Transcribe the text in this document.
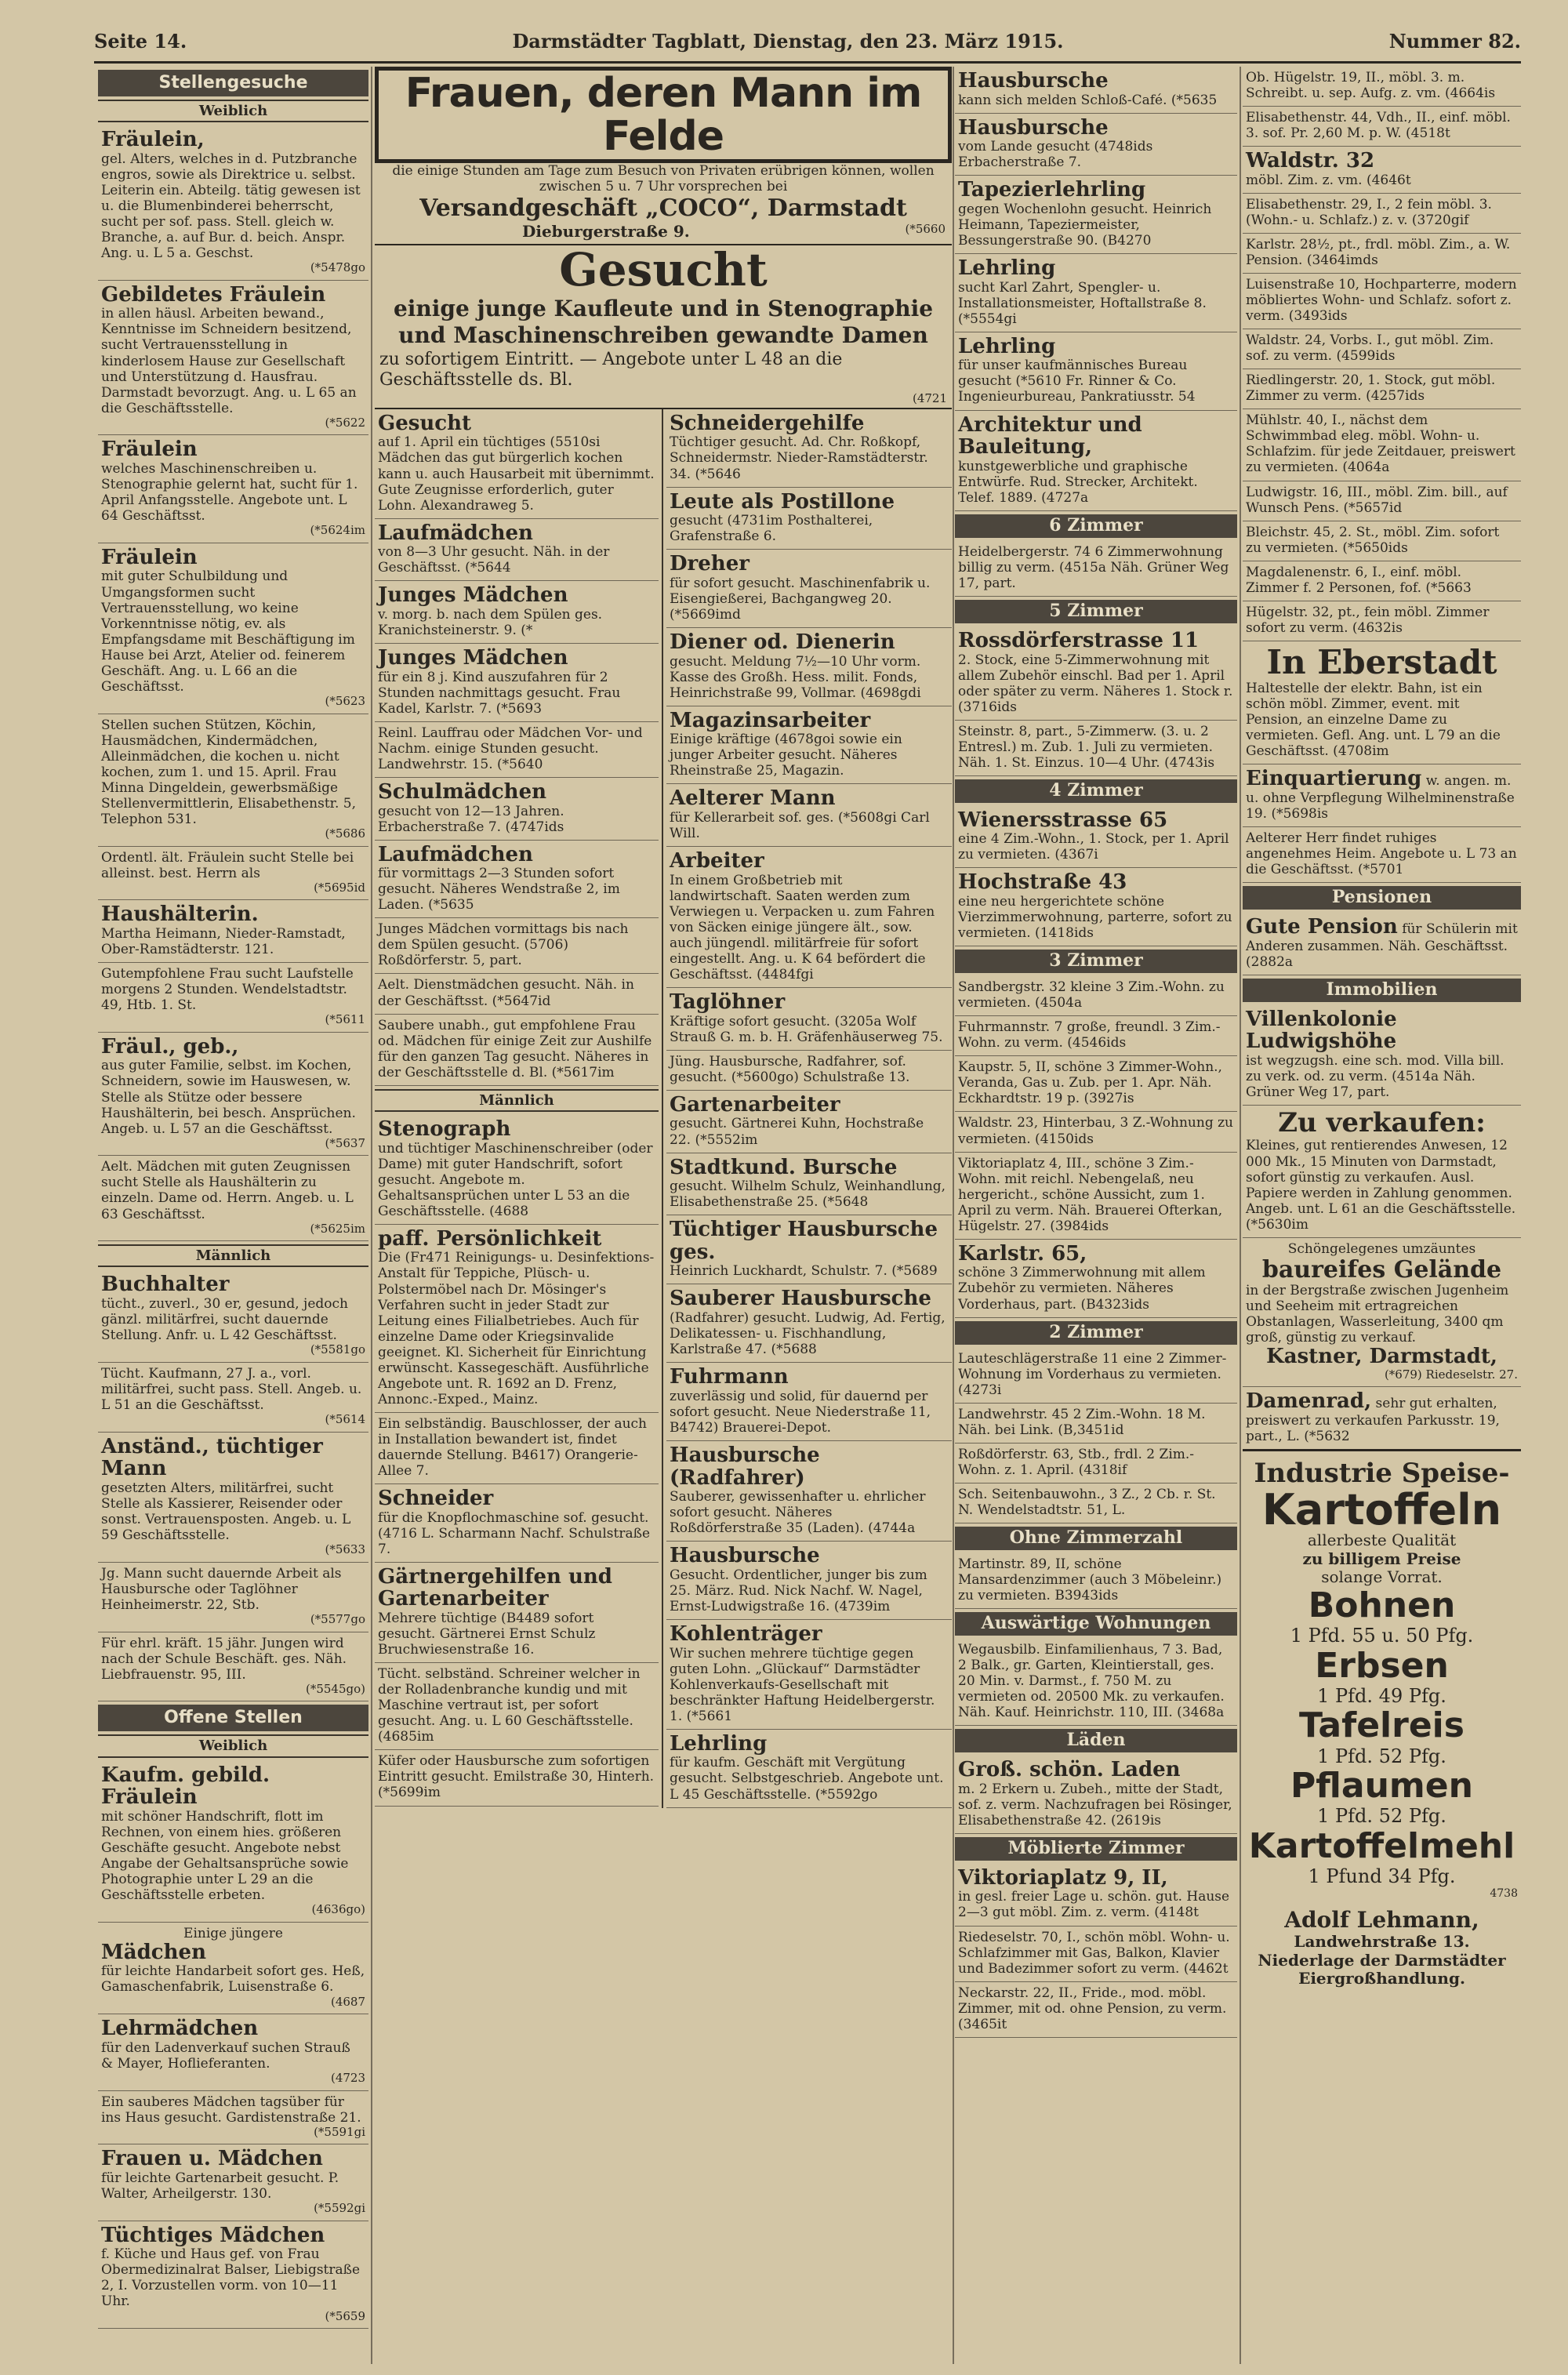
Seite 14.	Darmstädter Tagblatt, Dienstag, den 23. März 1915.	Nummer 82.
Stellengesuche
Weiblich
Fräulein,
gel. Alters, welches in d. Putzbranche engros, sowie als Direktrice u. selbst. Leiterin ein. Abteilg. tätig gewesen ist u. die Blumenbinderei beherrscht, sucht per sof. pass. Stell. gleich w. Branche, a. auf Bur. d. beich. Anspr. Ang. u. L 5 a. Geschst.
(*5478go
Gebildetes Fräulein
in allen häusl. Arbeiten bewand., Kenntnisse im Schneidern besitzend, sucht Vertrauensstellung in kinderlosem Hause zur Gesellschaft und Unterstützung d. Hausfrau. Darmstadt bevorzugt. Ang. u. L 65 an die Geschäftsstelle.
(*5622
Fräulein
welches Maschinenschreiben u. Stenographie gelernt hat, sucht für 1. April Anfangsstelle. Angebote unt. L 64 Geschäftsst.
(*5624im
Fräulein
mit guter Schulbildung und Umgangsformen sucht Vertrauensstellung, wo keine Vorkenntnisse nötig, ev. als Empfangsdame mit Beschäftigung im Hause bei Arzt, Atelier od. feinerem Geschäft. Ang. u. L 66 an die Geschäftsst.
(*5623
Stellen suchen Stützen, Köchin, Hausmädchen, Kindermädchen, Alleinmädchen, die kochen u. nicht kochen, zum 1. und 15. April. Frau Minna Dingeldein, gewerbsmäßige Stellenvermittlerin, Elisabethenstr. 5, Telephon 531.
(*5686
Ordentl. ält. Fräulein sucht Stelle bei alleinst. best. Herrn als
(*5695id
Haushälterin.
Martha Heimann, Nieder-Ramstadt, Ober-Ramstädterstr. 121.
Gutempfohlene Frau sucht Laufstelle morgens 2 Stunden. Wendelstadtstr. 49, Htb. 1. St.
(*5611
Fräul., geb.,
aus guter Familie, selbst. im Kochen, Schneidern, sowie im Hauswesen, w. Stelle als Stütze oder bessere Haushälterin, bei besch. Ansprüchen. Angeb. u. L 57 an die Geschäftsst.
(*5637
Aelt. Mädchen mit guten Zeugnissen sucht Stelle als Haushälterin zu einzeln. Dame od. Herrn. Angeb. u. L 63 Geschäftsst.
(*5625im
Männlich
Buchhalter
tücht., zuverl., 30 er, gesund, jedoch gänzl. militärfrei, sucht dauernde Stellung. Anfr. u. L 42 Geschäftsst.
(*5581go
Tücht. Kaufmann, 27 J. a., vorl. militärfrei, sucht pass. Stell. Angeb. u. L 51 an die Geschäftsst.
(*5614
Anständ., tüchtiger Mann
gesetzten Alters, militärfrei, sucht Stelle als Kassierer, Reisender oder sonst. Vertrauensposten. Angeb. u. L 59 Geschäftsstelle.
(*5633
Jg. Mann sucht dauernde Arbeit als Hausbursche oder Taglöhner Heinheimerstr. 22, Stb.
(*5577go
Für ehrl. kräft. 15 jähr. Jungen wird nach der Schule Beschäft. ges. Näh. Liebfrauenstr. 95, III.
(*5545go)
Offene Stellen
Weiblich
Kaufm. gebild. Fräulein
mit schöner Handschrift, flott im Rechnen, von einem hies. größeren Geschäfte gesucht. Angebote nebst Angabe der Gehaltsansprüche sowie Photographie unter L 29 an die Geschäftsstelle erbeten.
(4636go)
Einige jüngere
Mädchen
für leichte Handarbeit sofort ges. Heß, Gamaschenfabrik, Luisenstraße 6.
(4687
Lehrmädchen
für den Ladenverkauf suchen Strauß & Mayer, Hoflieferanten.
(4723
Ein sauberes Mädchen tagsüber für ins Haus gesucht. Gardistenstraße 21.
(*5591gi
Frauen u. Mädchen
für leichte Gartenarbeit gesucht. P. Walter, Arheilgerstr. 130.
(*5592gi
Tüchtiges Mädchen
f. Küche und Haus gef. von Frau Obermedizinalrat Balser, Liebigstraße 2, I. Vorzustellen vorm. von 10—11 Uhr.
(*5659
Frauen, deren Mann im Felde
die einige Stunden am Tage zum Besuch von Privaten erübrigen können, wollen zwischen 5 u. 7 Uhr vorsprechen bei
Versandgeschäft „COCO“, Darmstadt
Dieburgerstraße 9.	(*5660
Gesucht
einige junge Kaufleute und in Stenographie und Maschinenschreiben gewandte Damen
zu sofortigem Eintritt. — Angebote unter L 48 an die Geschäftsstelle ds. Bl.
(4721
Gesucht
auf 1. April ein tüchtiges (5510si Mädchen das gut bürgerlich kochen kann u. auch Hausarbeit mit übernimmt. Gute Zeugnisse erforderlich, guter Lohn. Alexandraweg 5.
Laufmädchen
von 8—3 Uhr gesucht. Näh. in der Geschäftsst. (*5644
Junges Mädchen
v. morg. b. nach dem Spülen ges. Kranichsteinerstr. 9. (*
Junges Mädchen
für ein 8 j. Kind auszufahren für 2 Stunden nachmittags gesucht. Frau Kadel, Karlstr. 7. (*5693
Reinl. Lauffrau oder Mädchen Vor- und Nachm. einige Stunden gesucht. Landwehrstr. 15. (*5640
Schulmädchen
gesucht von 12—13 Jahren. Erbacherstraße 7. (4747ids
Laufmädchen
für vormittags 2—3 Stunden sofort gesucht. Näheres Wendstraße 2, im Laden. (*5635
Junges Mädchen vormittags bis nach dem Spülen gesucht. (5706) Roßdörferstr. 5, part.
Aelt. Dienstmädchen gesucht. Näh. in der Geschäftsst. (*5647id
Saubere unabh., gut empfohlene Frau od. Mädchen für einige Zeit zur Aushilfe für den ganzen Tag gesucht. Näheres in der Geschäftsstelle d. Bl. (*5617im
Männlich
Stenograph
und tüchtiger Maschinenschreiber (oder Dame) mit guter Handschrift, sofort gesucht. Angebote m. Gehaltsansprüchen unter L 53 an die Geschäftsstelle. (4688
paff. Persönlichkeit
Die (Fr471 Reinigungs- u. Desinfektions-Anstalt für Teppiche, Plüsch- u. Polstermöbel nach Dr. Mösinger's Verfahren sucht in jeder Stadt zur Leitung eines Filialbetriebes. Auch für einzelne Dame oder Kriegsinvalide geeignet. Kl. Sicherheit für Einrichtung erwünscht. Kassegeschäft. Ausführliche Angebote unt. R. 1692 an D. Frenz, Annonc.-Exped., Mainz.
Ein selbständig. Bauschlosser, der auch in Installation bewandert ist, findet dauernde Stellung. B4617) Orangerie-Allee 7.
Schneider
für die Knopflochmaschine sof. gesucht. (4716 L. Scharmann Nachf. Schulstraße 7.
Gärtnergehilfen und Gartenarbeiter
Mehrere tüchtige (B4489 sofort gesucht. Gärtnerei Ernst Schulz Bruchwiesenstraße 16.
Tücht. selbständ. Schreiner welcher in der Rolladenbranche kundig und mit Maschine vertraut ist, per sofort gesucht. Ang. u. L 60 Geschäftsstelle. (4685im
Küfer oder Hausbursche zum sofortigen Eintritt gesucht. Emilstraße 30, Hinterh. (*5699im
Schneidergehilfe
Tüchtiger gesucht. Ad. Chr. Roßkopf, Schneidermstr. Nieder-Ramstädterstr. 34. (*5646
Leute als Postillone
gesucht (4731im Posthalterei, Grafenstraße 6.
Dreher
für sofort gesucht. Maschinenfabrik u. Eisengießerei, Bachgangweg 20. (*5669imd
Diener od. Dienerin
gesucht. Meldung 7½—10 Uhr vorm. Kasse des Großh. Hess. milit. Fonds, Heinrichstraße 99, Vollmar. (4698gdi
Magazinsarbeiter
Einige kräftige (4678goi sowie ein junger Arbeiter gesucht. Näheres Rheinstraße 25, Magazin.
Aelterer Mann
für Kellerarbeit sof. ges. (*5608gi Carl Will.
Arbeiter
In einem Großbetrieb mit landwirtschaft. Saaten werden zum Verwiegen u. Verpacken u. zum Fahren von Säcken einige jüngere ält., sow. auch jüngendl. militärfreie für sofort eingestellt. Ang. u. K 64 befördert die Geschäftsst. (4484fgi
Taglöhner
Kräftige sofort gesucht. (3205a Wolf Strauß G. m. b. H. Gräfenhäuserweg 75.
Jüng. Hausbursche, Radfahrer, sof. gesucht. (*5600go) Schulstraße 13.
Gartenarbeiter
gesucht. Gärtnerei Kuhn, Hochstraße 22. (*5552im
Stadtkund. Bursche
gesucht. Wilhelm Schulz, Weinhandlung, Elisabethenstraße 25. (*5648
Tüchtiger Hausbursche ges.
Heinrich Luckhardt, Schulstr. 7. (*5689
Sauberer Hausbursche
(Radfahrer) gesucht. Ludwig, Ad. Fertig, Delikatessen- u. Fischhandlung, Karlstraße 47. (*5688
Fuhrmann
zuverlässig und solid, für dauernd per sofort gesucht. Neue Niederstraße 11, B4742) Brauerei-Depot.
Hausbursche (Radfahrer)
Sauberer, gewissenhafter u. ehrlicher sofort gesucht. Näheres Roßdörferstraße 35 (Laden). (4744a
Hausbursche
Gesucht. Ordentlicher, junger bis zum 25. März. Rud. Nick Nachf. W. Nagel, Ernst-Ludwigstraße 16. (4739im
Kohlenträger
Wir suchen mehrere tüchtige gegen guten Lohn. „Glückauf“ Darmstädter Kohlenverkaufs-Gesellschaft mit beschränkter Haftung Heidelbergerstr. 1. (*5661
Lehrling
für kaufm. Geschäft mit Vergütung gesucht. Selbstgeschrieb. Angebote unt. L 45 Geschäftsstelle. (*5592go
Hausbursche
kann sich melden Schloß-Café. (*5635
Hausbursche
vom Lande gesucht (4748ids Erbacherstraße 7.
Tapezierlehrling
gegen Wochenlohn gesucht. Heinrich Heimann, Tapeziermeister, Bessungerstraße 90. (B4270
Lehrling
sucht Karl Zahrt, Spengler- u. Installationsmeister, Hoftallstraße 8. (*5554gi
Lehrling
für unser kaufmännisches Bureau gesucht (*5610 Fr. Rinner & Co. Ingenieurbureau, Pankratiusstr. 54
Architektur und Bauleitung,
kunstgewerbliche und graphische Entwürfe. Rud. Strecker, Architekt. Telef. 1889. (4727a
6 Zimmer
Heidelbergerstr. 74 6 Zimmerwohnung billig zu verm. (4515a Näh. Grüner Weg 17, part.
5 Zimmer
Rossdörferstrasse 11
2. Stock, eine 5-Zimmerwohnung mit allem Zubehör einschl. Bad per 1. April oder später zu verm. Näheres 1. Stock r. (3716ids
Steinstr. 8, part., 5-Zimmerw. (3. u. 2 Entresl.) m. Zub. 1. Juli zu vermieten. Näh. 1. St. Einzus. 10—4 Uhr. (4743is
4 Zimmer
Wienersstrasse 65
eine 4 Zim.-Wohn., 1. Stock, per 1. April zu vermieten. (4367i
Hochstraße 43
eine neu hergerichtete schöne Vierzimmerwohnung, parterre, sofort zu vermieten. (1418ids
3 Zimmer
Sandbergstr. 32 kleine 3 Zim.-Wohn. zu vermieten. (4504a
Fuhrmannstr. 7 große, freundl. 3 Zim.-Wohn. zu verm. (4546ids
Kaupstr. 5, II, schöne 3 Zimmer-Wohn., Veranda, Gas u. Zub. per 1. Apr. Näh. Eckhardtstr. 19 p. (3927is
Waldstr. 23, Hinterbau, 3 Z.-Wohnung zu vermieten. (4150ids
Viktoriaplatz 4, III., schöne 3 Zim.-Wohn. mit reichl. Nebengelaß, neu hergericht., schöne Aussicht, zum 1. April zu verm. Näh. Brauerei Ofterkan, Hügelstr. 27. (3984ids
Karlstr. 65,
schöne 3 Zimmerwohnung mit allem Zubehör zu vermieten. Näheres Vorderhaus, part. (B4323ids
2 Zimmer
Lauteschlägerstraße 11 eine 2 Zimmer-Wohnung im Vorderhaus zu vermieten. (4273i
Landwehrstr. 45 2 Zim.-Wohn. 18 M. Näh. bei Link. (B,3451id
Roßdörferstr. 63, Stb., frdl. 2 Zim.-Wohn. z. 1. April. (4318if
Sch. Seitenbauwohn., 3 Z., 2 Cb. r. St. N. Wendelstadtstr. 51, L.
Ohne Zimmerzahl
Martinstr. 89, II, schöne Mansardenzimmer (auch 3 Möbeleinr.) zu vermieten. B3943ids
Auswärtige Wohnungen
Wegausbilb. Einfamilienhaus, 7 3. Bad, 2 Balk., gr. Garten, Kleintierstall, ges. 20 Min. v. Darmst., f. 750 M. zu vermieten od. 20500 Mk. zu verkaufen. Näh. Kauf. Heinrichstr. 110, III. (3468a
Läden
Groß. schön. Laden
m. 2 Erkern u. Zubeh., mitte der Stadt, sof. z. verm. Nachzufragen bei Rösinger, Elisabethenstraße 42. (2619is
Möblierte Zimmer
Viktoriaplatz 9, II,
in gesl. freier Lage u. schön. gut. Hause 2—3 gut möbl. Zim. z. verm. (4148t
Riedeselstr. 70, I., schön möbl. Wohn- u. Schlafzimmer mit Gas, Balkon, Klavier und Badezimmer sofort zu verm. (4462t
Neckarstr. 22, II., Fride., mod. möbl. Zimmer, mit od. ohne Pension, zu verm. (3465it
Ob. Hügelstr. 19, II., möbl. 3. m. Schreibt. u. sep. Aufg. z. vm. (4664is
Elisabethenstr. 44, Vdh., II., einf. möbl. 3. sof. Pr. 2,60 M. p. W. (4518t
Waldstr. 32
möbl. Zim. z. vm. (4646t
Elisabethenstr. 29, I., 2 fein möbl. 3. (Wohn.- u. Schlafz.) z. v. (3720gif
Karlstr. 28½, pt., frdl. möbl. Zim., a. W. Pension. (3464imds
Luisenstraße 10, Hochparterre, modern möbliertes Wohn- und Schlafz. sofort z. verm. (3493ids
Waldstr. 24, Vorbs. I., gut möbl. Zim. sof. zu verm. (4599ids
Riedlingerstr. 20, 1. Stock, gut möbl. Zimmer zu verm. (4257ids
Mühlstr. 40, I., nächst dem Schwimmbad eleg. möbl. Wohn- u. Schlafzim. für jede Zeitdauer, preiswert zu vermieten. (4064a
Ludwigstr. 16, III., möbl. Zim. bill., auf Wunsch Pens. (*5657id
Bleichstr. 45, 2. St., möbl. Zim. sofort zu vermieten. (*5650ids
Magdalenenstr. 6, I., einf. möbl. Zimmer f. 2 Personen, fof. (*5663
Hügelstr. 32, pt., fein möbl. Zimmer sofort zu verm. (4632is
In Eberstadt
Haltestelle der elektr. Bahn, ist ein schön möbl. Zimmer, event. mit Pension, an einzelne Dame zu vermieten. Gefl. Ang. unt. L 79 an die Geschäftsst. (4708im
Einquartierung w. angen. m. u. ohne Verpflegung Wilhelminenstraße 19. (*5698is
Aelterer Herr findet ruhiges angenehmes Heim. Angebote u. L 73 an die Geschäftsst. (*5701
Pensionen
Gute Pension für Schülerin mit Anderen zusammen. Näh. Geschäftsst. (2882a
Immobilien
Villenkolonie Ludwigshöhe
ist wegzugsh. eine sch. mod. Villa bill. zu verk. od. zu verm. (4514a Näh. Grüner Weg 17, part.
Zu verkaufen:
Kleines, gut rentierendes Anwesen, 12 000 Mk., 15 Minuten von Darmstadt, sofort günstig zu verkaufen. Ausl. Papiere werden in Zahlung genommen. Angeb. unt. L 61 an die Geschäftsstelle. (*5630im
Schöngelegenes umzäuntes
baureifes Gelände
in der Bergstraße zwischen Jugenheim und Seeheim mit ertragreichen Obstanlagen, Wasserleitung, 3400 qm groß, günstig zu verkauf.
Kastner, Darmstadt,
(*679) Riedeselstr. 27.
Damenrad, sehr gut erhalten, preiswert zu verkaufen Parkusstr. 19, part., L. (*5632
Industrie Speise-
Kartoffeln
allerbeste Qualität
zu billigem Preise
solange Vorrat.
Bohnen
1 Pfd. 55 u. 50 Pfg.
Erbsen
1 Pfd. 49 Pfg.
Tafelreis
1 Pfd. 52 Pfg.
Pflaumen
1 Pfd. 52 Pfg.
Kartoffelmehl
1 Pfund 34 Pfg.
4738
Adolf Lehmann,
Landwehrstraße 13.
Niederlage der Darmstädter Eiergroßhandlung.
